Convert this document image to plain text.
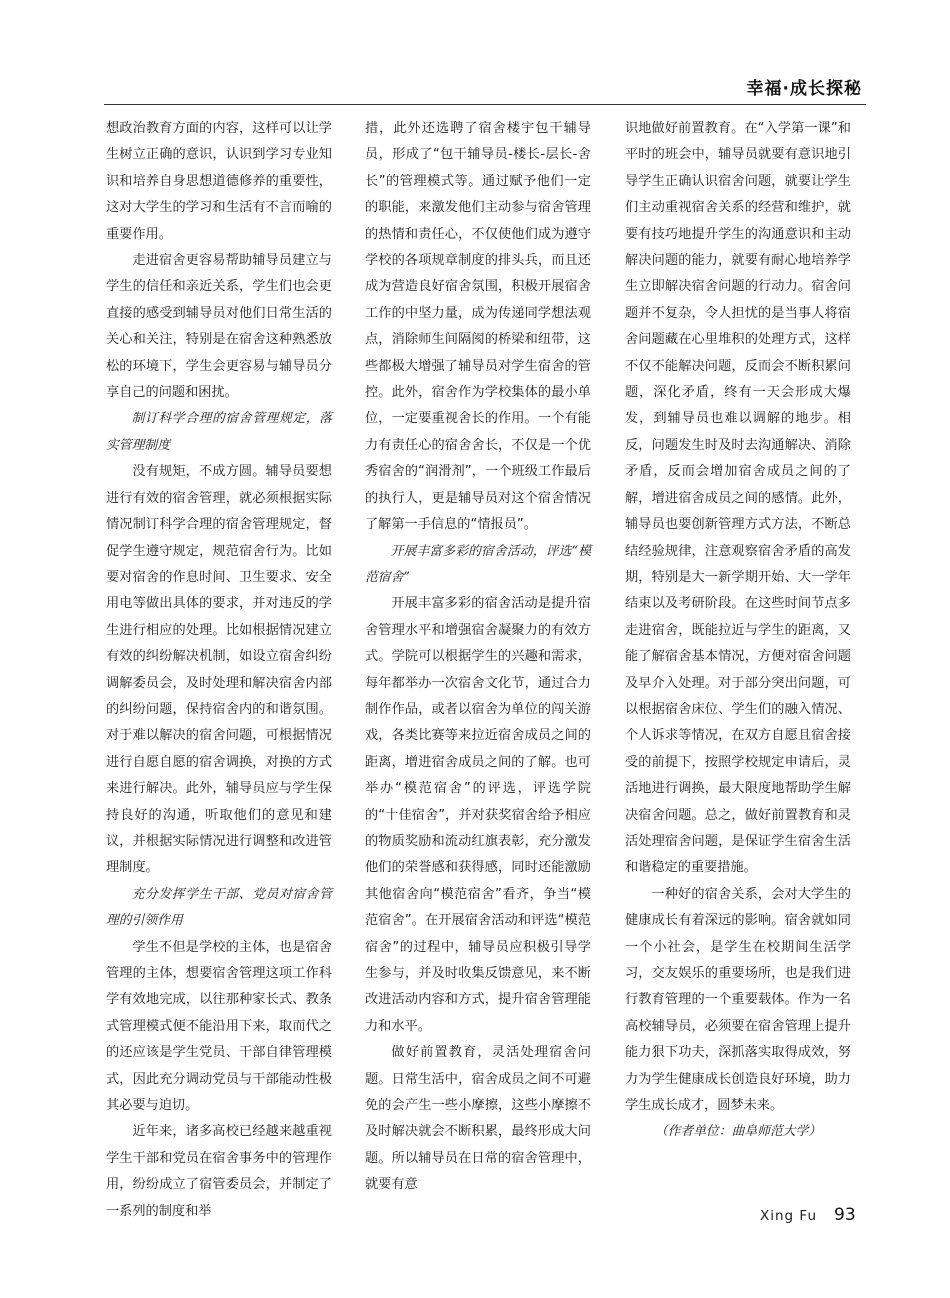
幸福·成长探秘

想政治教育方面的内容，这样可以让学生树立正确的意识，认识到学习专业知识和培养自身思想道德修养的重要性，这对大学生的学习和生活有不言而喻的重要作用。

走进宿舍更容易帮助辅导员建立与学生的信任和亲近关系，学生们也会更直接的感受到辅导员对他们日常生活的关心和关注，特别是在宿舍这种熟悉放松的环境下，学生会更容易与辅导员分享自己的问题和困扰。

制订科学合理的宿舍管理规定，落实管理制度

没有规矩，不成方圆。辅导员要想进行有效的宿舍管理，就必须根据实际情况制订科学合理的宿舍管理规定，督促学生遵守规定，规范宿舍行为。比如要对宿舍的作息时间、卫生要求、安全用电等做出具体的要求，并对违反的学生进行相应的处理。比如根据情况建立有效的纠纷解决机制，如设立宿舍纠纷调解委员会，及时处理和解决宿舍内部的纠纷问题，保持宿舍内的和谐氛围。对于难以解决的宿舍问题，可根据情况进行自愿自愿的宿舍调换，对换的方式来进行解决。此外，辅导员应与学生保持良好的沟通，听取他们的意见和建议，并根据实际情况进行调整和改进管理制度。

充分发挥学生干部、党员对宿舍管理的引领作用

学生不但是学校的主体，也是宿舍管理的主体，想要宿舍管理这项工作科学有效地完成，以往那种家长式、教条式管理模式便不能沿用下来，取而代之的还应该是学生党员、干部自律管理模式，因此充分调动党员与干部能动性极其必要与迫切。

近年来，诸多高校已经越来越重视学生干部和党员在宿舍事务中的管理作用，纷纷成立了宿管委员会，并制定了一系列的制度和举

措，此外还选聘了宿舍楼宇包干辅导员，形成了“包干辅导员-楼长-层长-舍长”的管理模式等。通过赋予他们一定的职能，来激发他们主动参与宿舍管理的热情和责任心，不仅使他们成为遵守学校的各项规章制度的排头兵，而且还成为营造良好宿舍氛围，积极开展宿舍工作的中坚力量，成为传递同学想法观点，消除师生间隔阂的桥梁和纽带，这些都极大增强了辅导员对学生宿舍的管控。此外，宿舍作为学校集体的最小单位，一定要重视舍长的作用。一个有能力有责任心的宿舍舍长，不仅是一个优秀宿舍的“润滑剂”，一个班级工作最后的执行人，更是辅导员对这个宿舍情况了解第一手信息的“情报员”。

开展丰富多彩的宿舍活动，评选“模范宿舍”

开展丰富多彩的宿舍活动是提升宿舍管理水平和增强宿舍凝聚力的有效方式。学院可以根据学生的兴趣和需求，每年都举办一次宿舍文化节，通过合力制作作品，或者以宿舍为单位的闯关游戏，各类比赛等来拉近宿舍成员之间的距离，增进宿舍成员之间的了解。也可举办“模范宿舍”的评选，评选学院的“十佳宿舍”，并对获奖宿舍给予相应的物质奖励和流动红旗表彰，充分激发他们的荣誉感和获得感，同时还能激励其他宿舍向“模范宿舍”看齐，争当“模范宿舍”。在开展宿舍活动和评选“模范宿舍”的过程中，辅导员应积极引导学生参与，并及时收集反馈意见，来不断改进活动内容和方式，提升宿舍管理能力和水平。

做好前置教育，灵活处理宿舍问题。日常生活中，宿舍成员之间不可避免的会产生一些小摩擦，这些小摩擦不及时解决就会不断积累，最终形成大问题。所以辅导员在日常的宿舍管理中，就要有意

识地做好前置教育。在“入学第一课”和平时的班会中，辅导员就要有意识地引导学生正确认识宿舍问题，就要让学生们主动重视宿舍关系的经营和维护，就要有技巧地提升学生的沟通意识和主动解决问题的能力，就要有耐心地培养学生立即解决宿舍问题的行动力。宿舍问题并不复杂，令人担忧的是当事人将宿舍问题藏在心里堆积的处理方式，这样不仅不能解决问题，反而会不断积累问题，深化矛盾，终有一天会形成大爆发，到辅导员也难以调解的地步。相反，问题发生时及时去沟通解决、消除矛盾，反而会增加宿舍成员之间的了解，增进宿舍成员之间的感情。此外，辅导员也要创新管理方式方法，不断总结经验规律，注意观察宿舍矛盾的高发期，特别是大一新学期开始、大一学年结束以及考研阶段。在这些时间节点多走进宿舍，既能拉近与学生的距离，又能了解宿舍基本情况，方便对宿舍问题及早介入处理。对于部分突出问题，可以根据宿舍床位、学生们的融入情况、个人诉求等情况，在双方自愿且宿舍接受的前提下，按照学校规定申请后，灵活地进行调换，最大限度地帮助学生解决宿舍问题。总之，做好前置教育和灵活处理宿舍问题，是保证学生宿舍生活和谐稳定的重要措施。

一种好的宿舍关系，会对大学生的健康成长有着深远的影响。宿舍就如同一个小社会，是学生在校期间生活学习，交友娱乐的重要场所，也是我们进行教育管理的一个重要载体。作为一名高校辅导员，必须要在宿舍管理上提升能力狠下功夫，深抓落实取得成效，努力为学生健康成长创造良好环境，助力学生成长成才，圆梦未来。

（作者单位：曲阜师范大学）

Xing Fu 93
